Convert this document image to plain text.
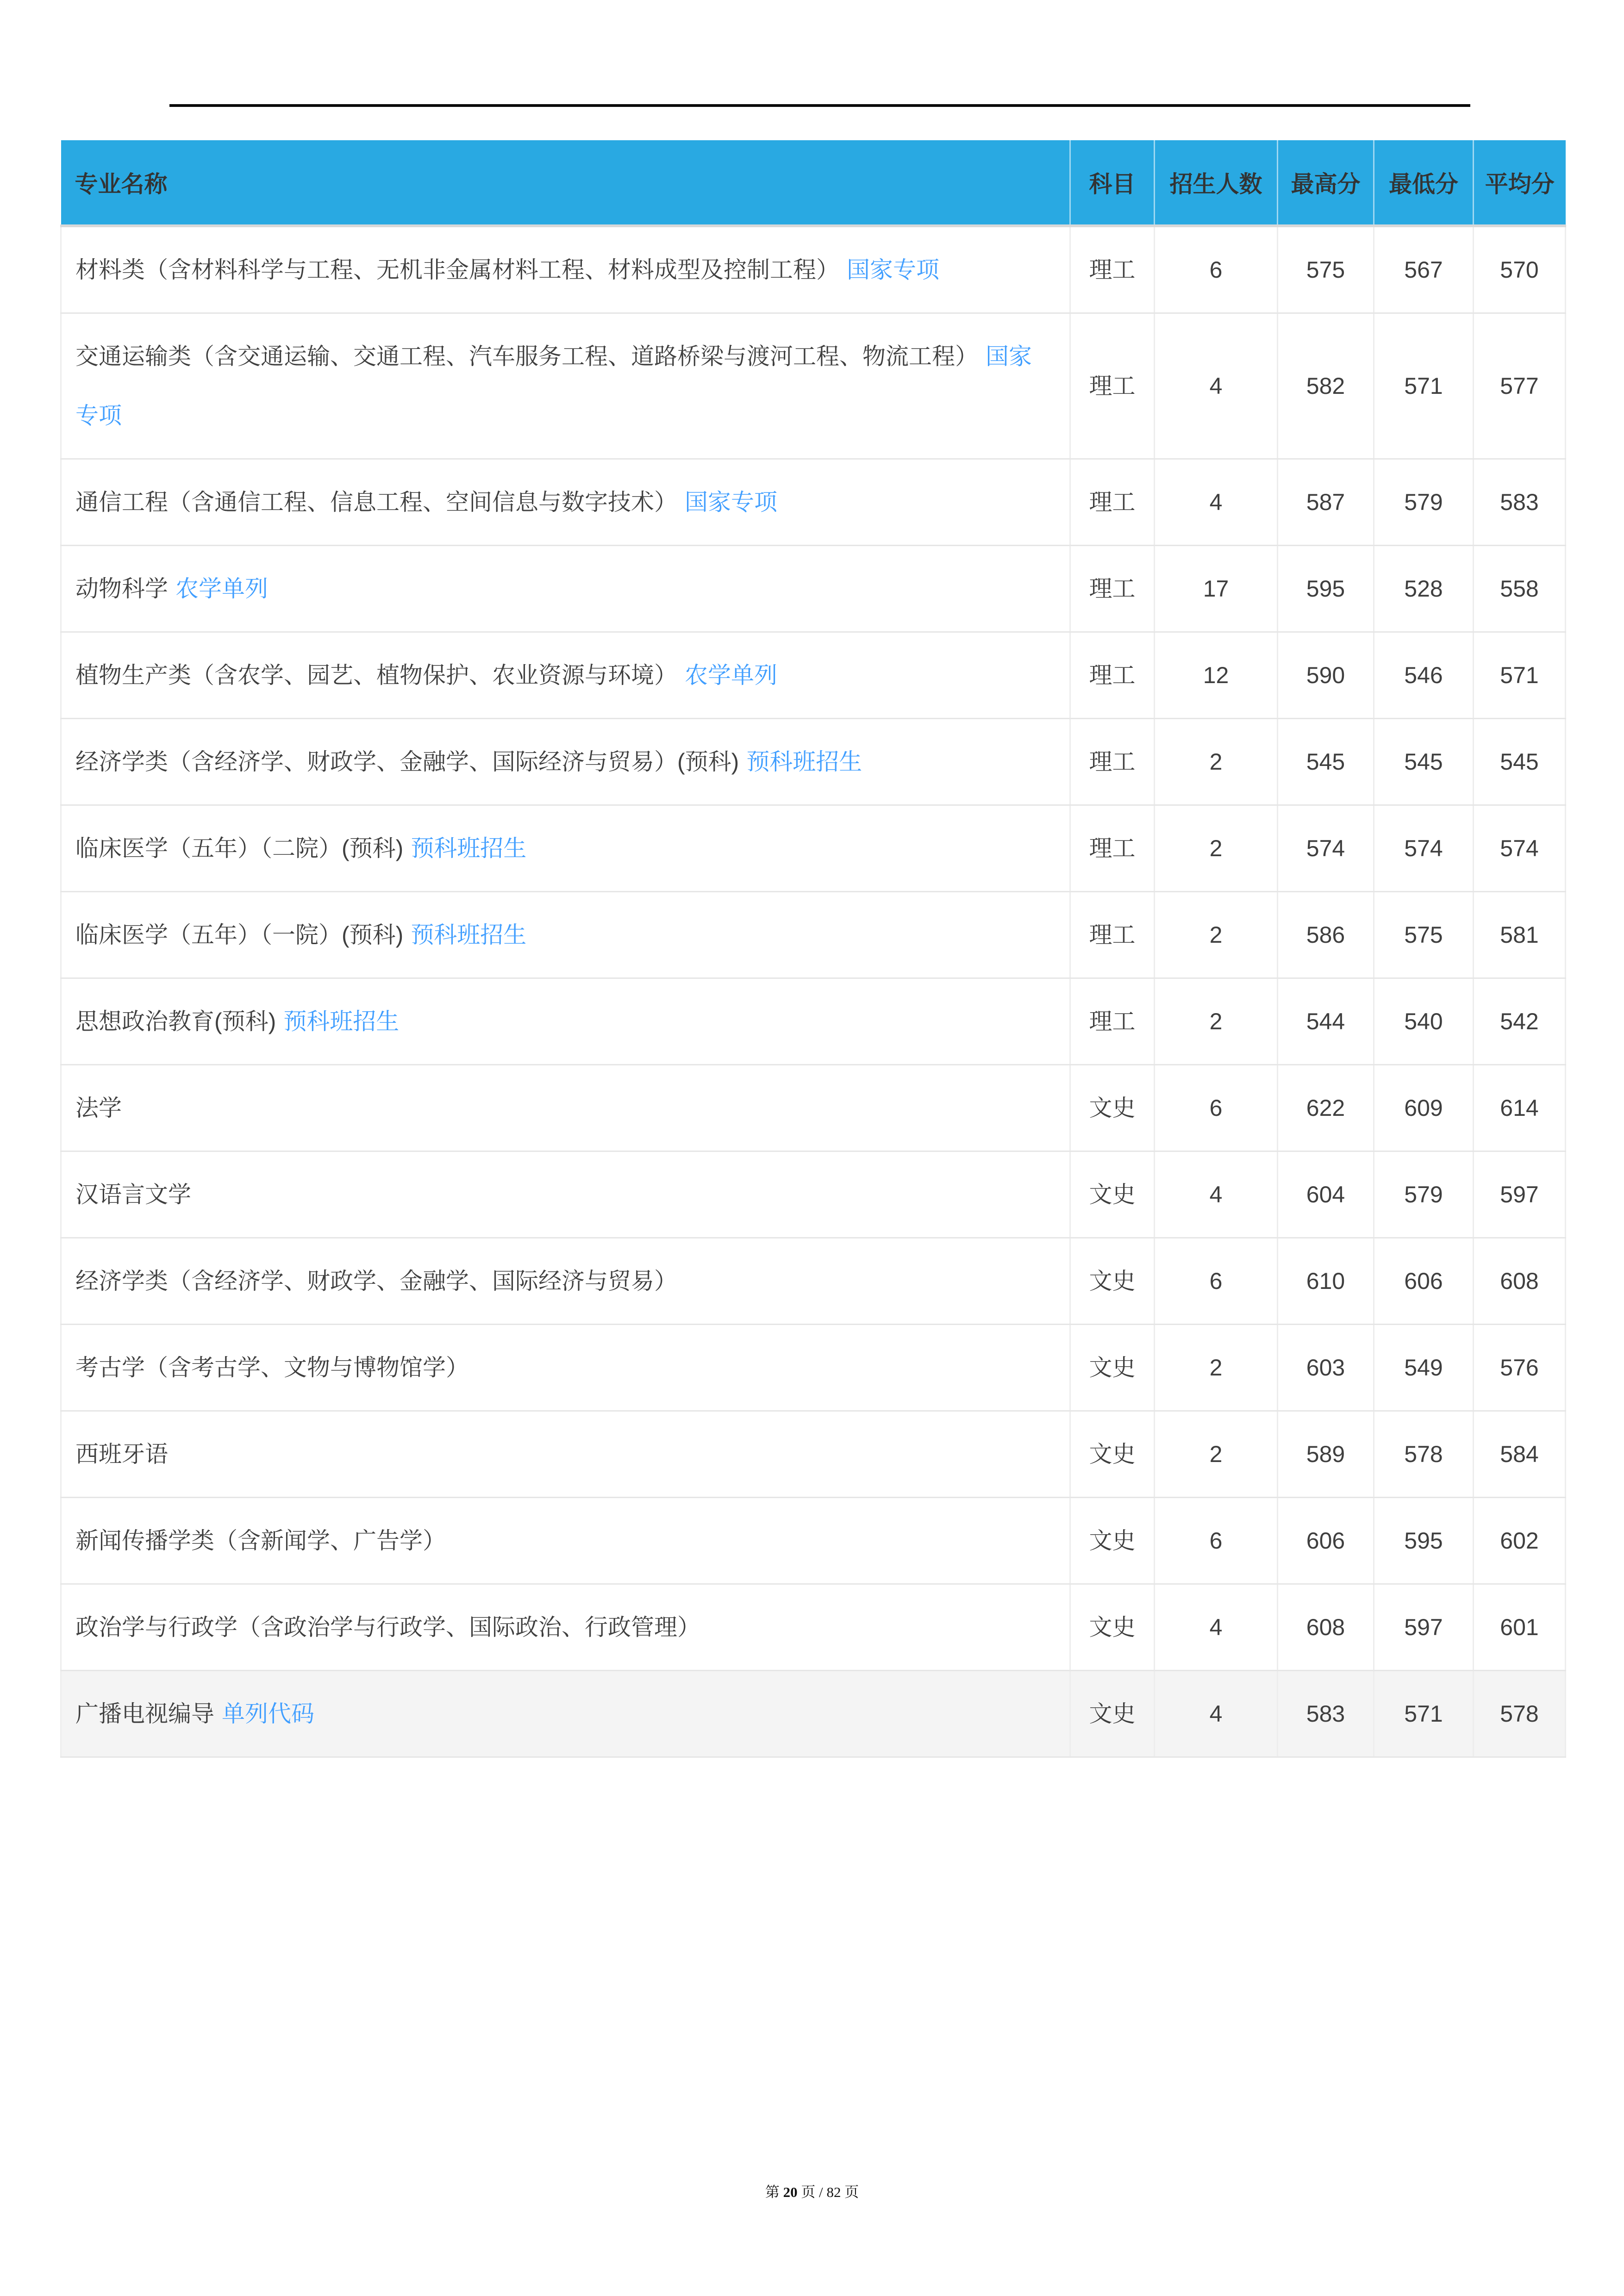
专业名称	科目	招生人数	最高分	最低分	平均分
材料类（含材料科学与工程、无机非金属材料工程、材料成型及控制工程） 国家专项	理工	6	575	567	570
交通运输类（含交通运输、交通工程、汽车服务工程、道路桥梁与渡河工程、物流工程） 国家专项	理工	4	582	571	577
通信工程（含通信工程、信息工程、空间信息与数字技术） 国家专项	理工	4	587	579	583
动物科学 农学单列	理工	17	595	528	558
植物生产类（含农学、园艺、植物保护、农业资源与环境） 农学单列	理工	12	590	546	571
经济学类（含经济学、财政学、金融学、国际经济与贸易）(预科) 预科班招生	理工	2	545	545	545
临床医学（五年）（二院）(预科) 预科班招生	理工	2	574	574	574
临床医学（五年）（一院）(预科) 预科班招生	理工	2	586	575	581
思想政治教育(预科) 预科班招生	理工	2	544	540	542
法学	文史	6	622	609	614
汉语言文学	文史	4	604	579	597
经济学类（含经济学、财政学、金融学、国际经济与贸易）	文史	6	610	606	608
考古学（含考古学、文物与博物馆学）	文史	2	603	549	576
西班牙语	文史	2	589	578	584
新闻传播学类（含新闻学、广告学）	文史	6	606	595	602
政治学与行政学（含政治学与行政学、国际政治、行政管理）	文史	4	608	597	601
广播电视编导 单列代码	文史	4	583	571	578
第 20 页 / 82 页
